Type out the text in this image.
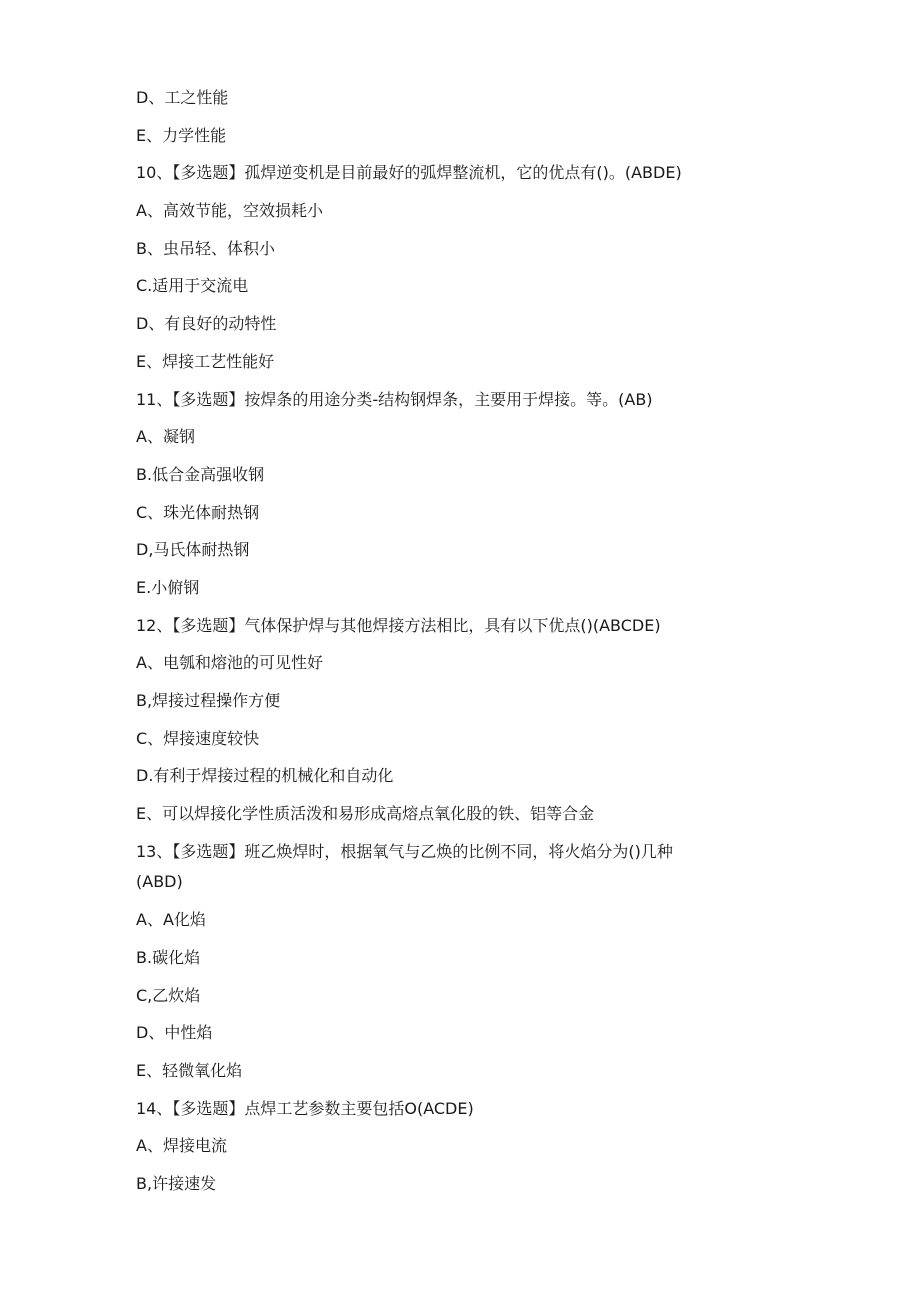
D、工之性能
E、力学性能
10、【多选题】孤焊逆变机是目前最好的弧焊整流机，它的优点有()。(ABDE)
A、高效节能，空效损耗小
B、虫吊轻、体积小
C.适用于交流电
D、有良好的动特性
E、焊接工艺性能好
11、【多选题】按焊条的用途分类-结构钢焊条，主要用于焊接。等。(AB)
A、凝钢
B.低合金高强收钢
C、珠光体耐热钢
D,马氏体耐热钢
E.小俯钢
12、【多选题】气体保护焊与其他焊接方法相比，具有以下优点()(ABCDE)
A、电瓠和熔池的可见性好
B,焊接过程操作方便
C、焊接速度较快
D.有利于焊接过程的机械化和自动化
E、可以焊接化学性质活泼和易形成高熔点氧化股的铁、铝等合金
13、【多选题】班乙焕焊时，根据氧气与乙焕的比例不同，将火焰分为()几种
(ABD)
A、A化焰
B.碳化焰
C,乙炊焰
D、中性焰
E、轻微氧化焰
14、【多选题】点焊工艺参数主要包括O(ACDE)
A、焊接电流
B,许接速发
